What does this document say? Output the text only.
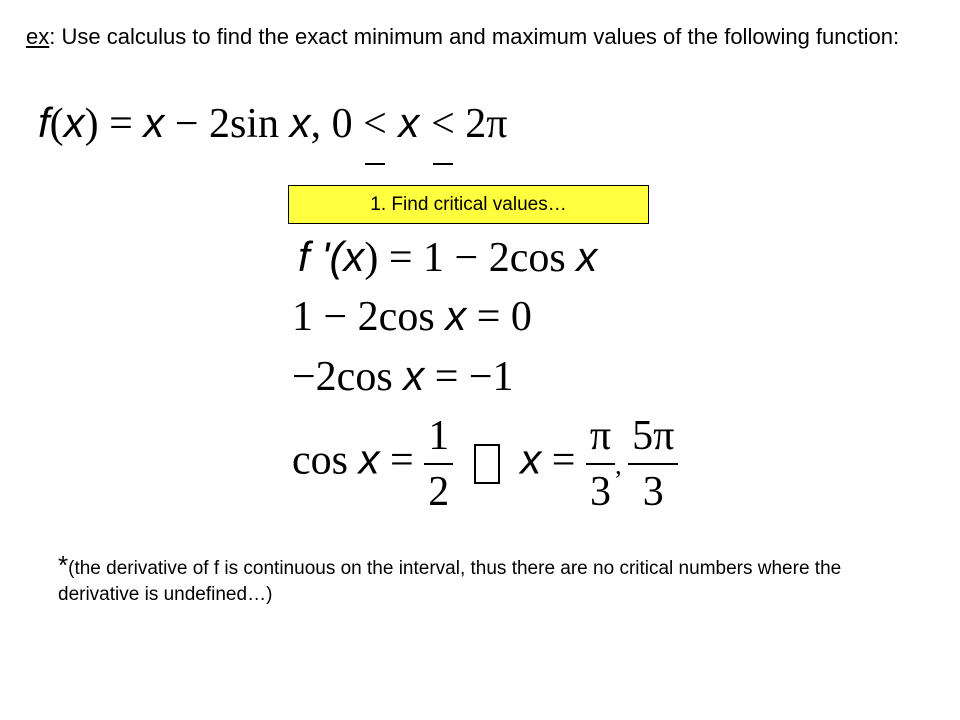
ex: Use calculus to find the exact minimum and maximum values of the following function:
f(x) = x − 2sin x, 0 < x < 2π
1. Find critical values…
f '(x) = 1 − 2cos x
1 − 2cos x = 0
−2cos x = −1
$\cos x = \frac{1}{2}$ $x = \frac{\pi}{3}$ , $\frac{5\pi}{3}$
*(the derivative of f is continuous on the interval, thus there are no critical numbers where the derivative is undefined…)
